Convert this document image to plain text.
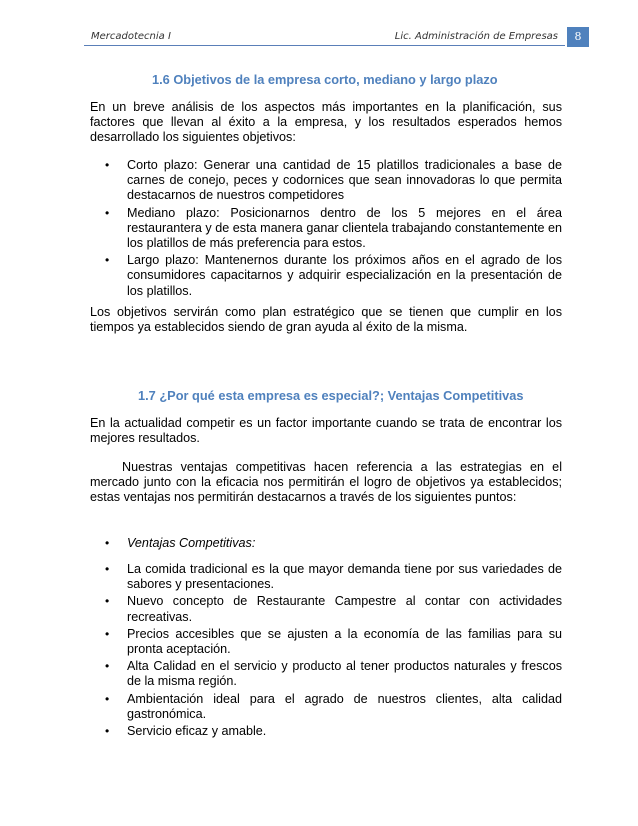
Mercadotecnia I	Lic. Administración de Empresas	8
1.6 Objetivos de la empresa corto, mediano y largo plazo

En un breve análisis de los aspectos más importantes en la planificación, sus factores que llevan al éxito a la empresa, y los resultados esperados hemos desarrollado los siguientes objetivos:

• Corto plazo: Generar una cantidad de 15 platillos tradicionales a base de carnes de conejo, peces y codornices que sean innovadoras lo que permita destacarnos de nuestros competidores
• Mediano plazo: Posicionarnos dentro de los 5 mejores en el área restaurantera y de esta manera ganar clientela trabajando constantemente en los platillos de más preferencia para estos.
• Largo plazo: Mantenernos durante los próximos años en el agrado de los consumidores capacitarnos y adquirir especialización en la presentación de los platillos.

Los objetivos servirán como plan estratégico que se tienen que cumplir en los tiempos ya establecidos siendo de gran ayuda al éxito de la misma.

1.7 ¿Por qué esta empresa es especial?; Ventajas Competitivas

En la actualidad competir es un factor importante cuando se trata de encontrar los mejores resultados.

Nuestras ventajas competitivas hacen referencia a las estrategias en el mercado junto con la eficacia nos permitirán el logro de objetivos ya establecidos; estas ventajas nos permitirán destacarnos a través de los siguientes puntos:

• Ventajas Competitivas:
• La comida tradicional es la que mayor demanda tiene por sus variedades de sabores y presentaciones.
• Nuevo concepto de Restaurante Campestre al contar con actividades recreativas.
• Precios accesibles que se ajusten a la economía de las familias para su pronta aceptación.
• Alta Calidad en el servicio y producto al tener productos naturales y frescos de la misma región.
• Ambientación ideal para el agrado de nuestros clientes, alta calidad gastronómica.
• Servicio eficaz y amable.
